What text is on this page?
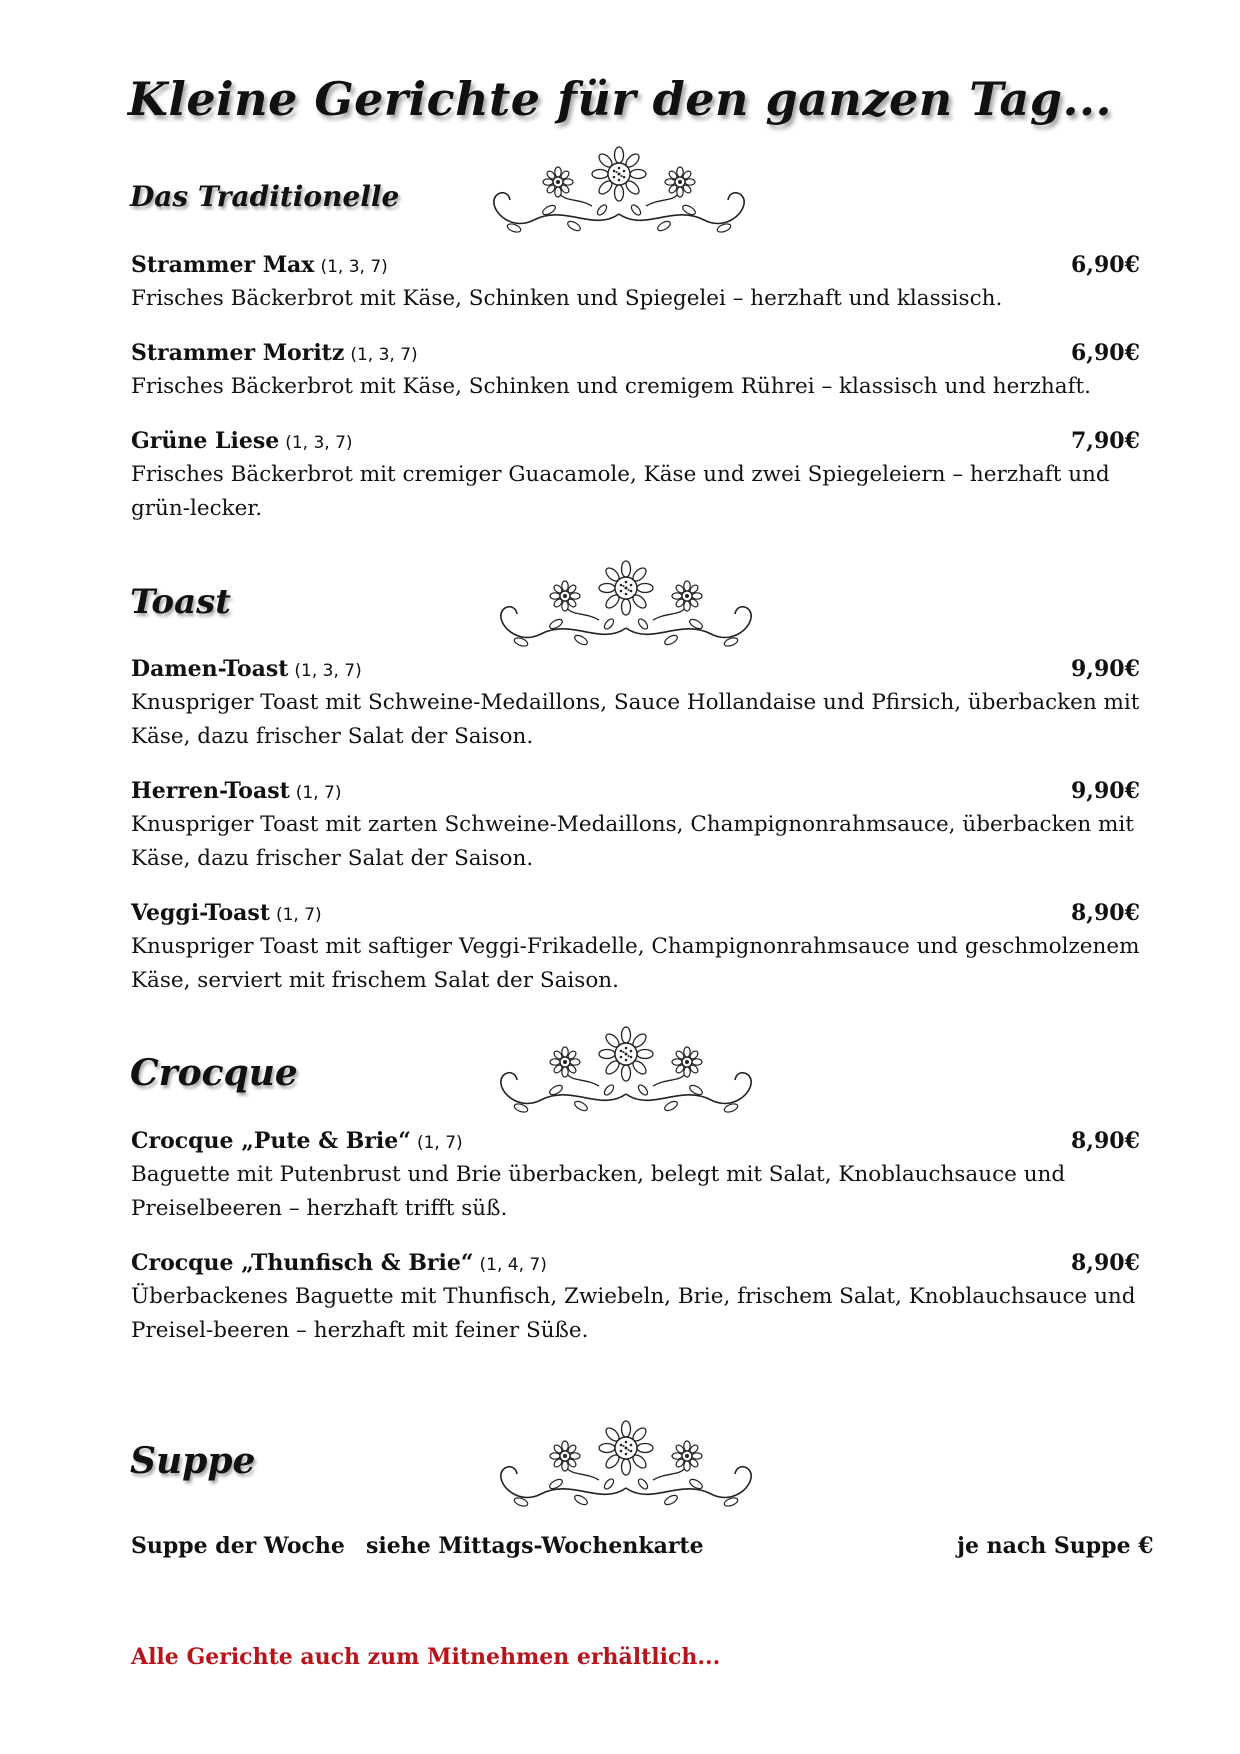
Kleine Gerichte für den ganzen Tag...
Das Traditionelle
Strammer Max (1, 3, 7)	6,90€
Frisches Bäckerbrot mit Käse, Schinken und Spiegelei – herzhaft und klassisch.
Strammer Moritz (1, 3, 7)	6,90€
Frisches Bäckerbrot mit Käse, Schinken und cremigem Rührei – klassisch und herzhaft.
Grüne Liese (1, 3, 7)	7,90€
Frisches Bäckerbrot mit cremiger Guacamole, Käse und zwei Spiegeleiern – herzhaft und grün-lecker.
Toast
Damen-Toast (1, 3, 7)	9,90€
Knuspriger Toast mit Schweine-Medaillons, Sauce Hollandaise und Pfirsich, überbacken mit Käse, dazu frischer Salat der Saison.
Herren-Toast (1, 7)	9,90€
Knuspriger Toast mit zarten Schweine-Medaillons, Champignonrahmsauce, überbacken mit Käse, dazu frischer Salat der Saison.
Veggi-Toast (1, 7)	8,90€
Knuspriger Toast mit saftiger Veggi-Frikadelle, Champignonrahmsauce und geschmolzenem Käse, serviert mit frischem Salat der Saison.
Crocque
Crocque „Pute & Brie“ (1, 7)	8,90€
Baguette mit Putenbrust und Brie überbacken, belegt mit Salat, Knoblauchsauce und Preiselbeeren – herzhaft trifft süß.
Crocque „Thunfisch & Brie“ (1, 4, 7)	8,90€
Überbackenes Baguette mit Thunfisch, Zwiebeln, Brie, frischem Salat, Knoblauchsauce und Preisel-beeren – herzhaft mit feiner Süße.
Suppe
Suppe der Woche siehe Mittags-Wochenkarte	je nach Suppe €
Alle Gerichte auch zum Mitnehmen erhältlich...
